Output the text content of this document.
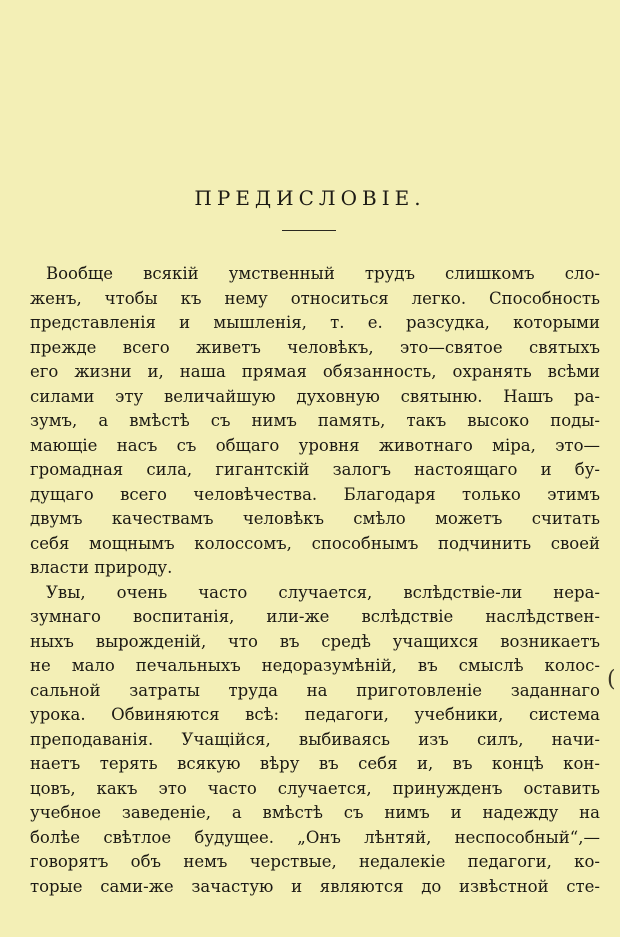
ПРЕДИСЛОВІЕ.
Вообще всякій умственный трудъ слишкомъ сло-
женъ, чтобы къ нему относиться легко. Способность
представленія и мышленія, т. е. разсудка, которыми
прежде всего живетъ человѣкъ, это—святое святыхъ
его жизни и, наша прямая обязанность, охранять всѣми
силами эту величайшую духовную святыню. Нашъ ра-
зумъ, а вмѣстѣ съ нимъ память, такъ высоко поды-
мающіе насъ съ общаго уровня животнаго міра, это—
громадная сила, гигантскій залогъ настоящаго и бу-
дущаго всего человѣчества. Благодаря только этимъ
двумъ качествамъ человѣкъ смѣло можетъ считать
себя мощнымъ колоссомъ, способнымъ подчинить своей
власти природу.
Увы, очень часто случается, вслѣдствіе-ли нера-
зумнаго воспитанія, или-же вслѣдствіе наслѣдствен-
ныхъ вырожденій, что въ средѣ учащихся возникаетъ
не мало печальныхъ недоразумѣній, въ смыслѣ колос-
сальной затраты труда на приготовленіе заданнаго
урока. Обвиняются всѣ: педагоги, учебники, система
преподаванія. Учащійся, выбиваясь изъ силъ, начи-
наетъ терять всякую вѣру въ себя и, въ концѣ кон-
цовъ, какъ это часто случается, принужденъ оставить
учебное заведеніе, а вмѣстѣ съ нимъ и надежду на
болѣе свѣтлое будущее. „Онъ лѣнтяй, неспособный“,—
говорятъ объ немъ черствые, недалекіе педагоги, ко-
торые сами-же зачастую и являются до извѣстной сте-
(
